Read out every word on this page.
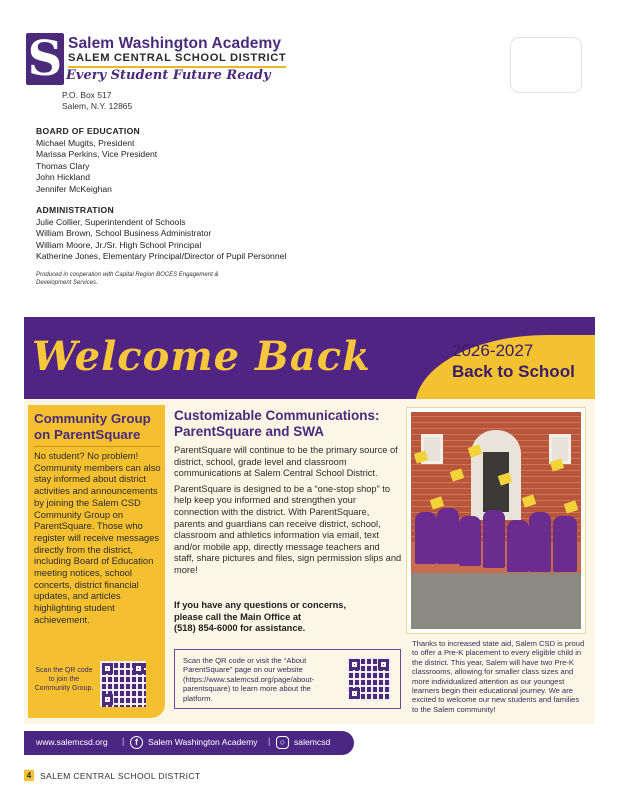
S Salem Washington Academy
SALEM CENTRAL SCHOOL DISTRICT
Every Student Future Ready
P.O. Box 517
Salem, N.Y. 12865
BOARD OF EDUCATION
Michael Mugits, President
Marissa Perkins, Vice President
Thomas Clary
John Hickland
Jennifer McKeighan
ADMINISTRATION
Julie Collier, Superintendent of Schools
William Brown, School Business Administrator
William Moore, Jr./Sr. High School Principal
Katherine Jones, Elementary Principal/Director of Pupil Personnel
Produced in cooperation with Capital Region BOCES Engagement & Development Services.
Welcome Back	2026-2027
Back to School
Community Group on ParentSquare
No student? No problem! Community members can also stay informed about district activities and announcements by joining the Salem CSD Community Group on ParentSquare. Those who register will receive messages directly from the district, including Board of Education meeting notices, school concerts, district financial updates, and articles highlighting student achievement.
Scan the QR code to join the Community Group.
Customizable Communications: ParentSquare and SWA

ParentSquare will continue to be the primary source of district, school, grade level and classroom communications at Salem Central School District.

ParentSquare is designed to be a “one-stop shop” to help keep you informed and strengthen your connection with the district. With ParentSquare, parents and guardians can receive district, school, classroom and athletics information via email, text and/or mobile app, directly message teachers and staff, share pictures and files, sign permission slips and more!

If you have any questions or concerns,
please call the Main Office at
(518) 854-6000 for assistance.
Scan the QR code or visit the “About ParentSquare” page on our website (https://www.salemcsd.org/page/about-parentsquare) to learn more about the platform.
Thanks to increased state aid, Salem CSD is proud to offer a Pre-K placement to every eligible child in the district. This year, Salem will have two Pre-K classrooms, allowing for smaller class sizes and more individualized attention as our youngest learners begin their educational journey. We are excited to welcome our new students and families to the Salem community!
www.salemcsd.org |	f	Salem Washington Academy |	○	salemcsd
4	SALEM CENTRAL SCHOOL DISTRICT
